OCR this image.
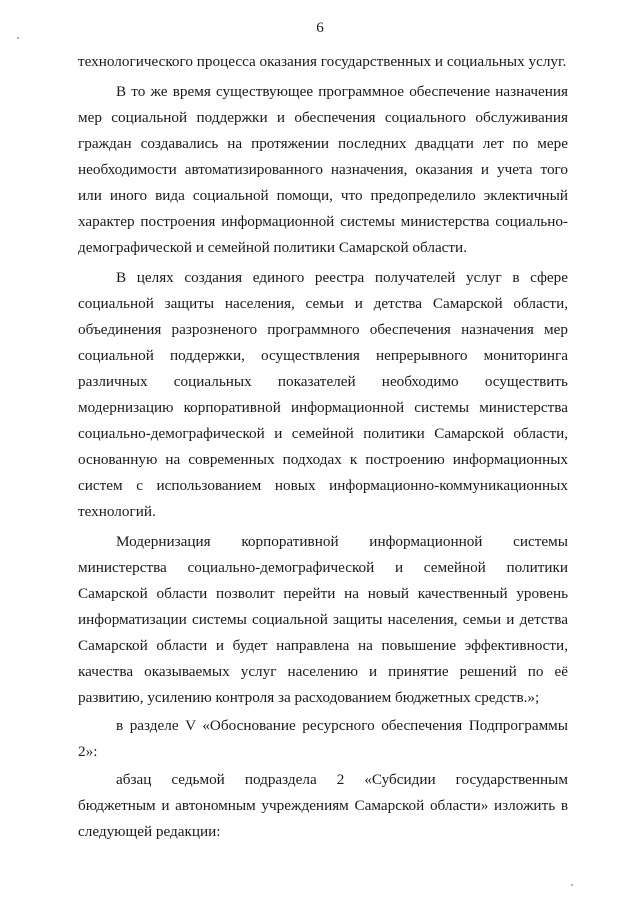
6

технологического процесса оказания государственных и социальных услуг.

В то же время существующее программное обеспечение назначения мер социальной поддержки и обеспечения социального обслуживания граждан создавались на протяжении последних двадцати лет по мере необходимости автоматизированного назначения, оказания и учета того или иного вида социальной помощи, что предопределило эклектичный характер построения информационной системы министерства социально-демографической и семейной политики Самарской области.

В целях создания единого реестра получателей услуг в сфере социальной защиты населения, семьи и детства Самарской области, объединения разрозненого программного обеспечения назначения мер социальной поддержки, осуществления непрерывного мониторинга различных социальных показателей необходимо осуществить модернизацию корпоративной информационной системы министерства социально-демографической и семейной политики Самарской области, основанную на современных подходах к построению информационных систем с использованием новых информационно-коммуникационных технологий.

Модернизация корпоративной информационной системы министерства социально-демографической и семейной политики Самарской области позволит перейти на новый качественный уровень информатизации системы социальной защиты населения, семьи и детства Самарской области и будет направлена на повышение эффективности, качества оказываемых услуг населению и принятие решений по её развитию, усилению контроля за расходованием бюджетных средств.»;

в разделе V «Обоснование ресурсного обеспечения Подпрограммы 2»:

абзац седьмой подраздела 2 «Субсидии государственным бюджетным и автономным учреждениям Самарской области» изложить в следующей редакции:
